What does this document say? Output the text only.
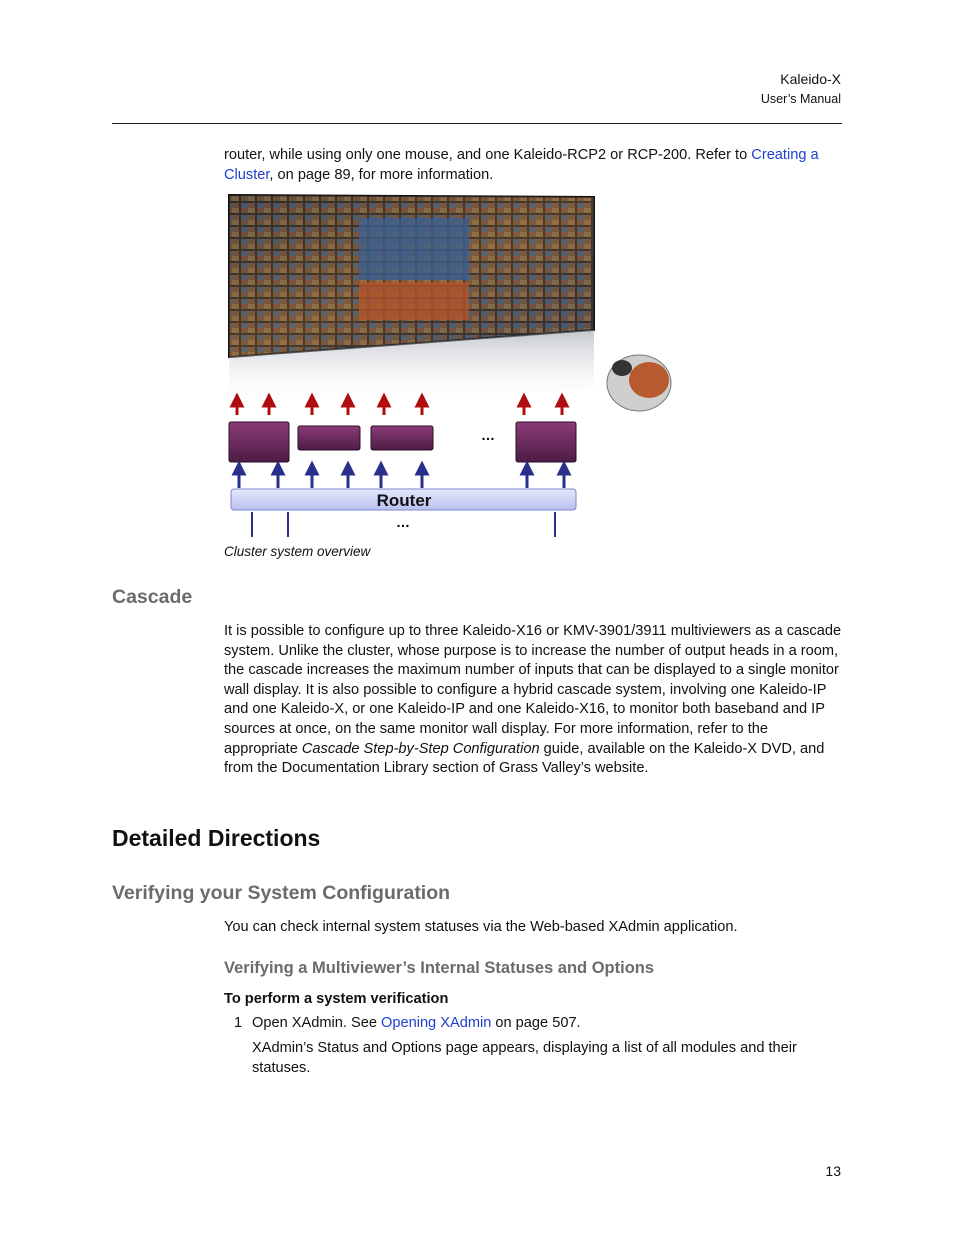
Kaleido-X
User’s Manual
router, while using only one mouse, and one Kaleido-RCP2 or RCP-200. Refer to Creating a Cluster, on page 89, for more information.
…
Router
…
Cluster system overview
Cascade
It is possible to configure up to three Kaleido-X16 or KMV-3901/3911 multiviewers as a cascade system. Unlike the cluster, whose purpose is to increase the number of output heads in a room, the cascade increases the maximum number of inputs that can be displayed to a single monitor wall display. It is also possible to configure a hybrid cascade system, involving one Kaleido-IP and one Kaleido-X, or one Kaleido-IP and one Kaleido-X16, to monitor both baseband and IP sources at once, on the same monitor wall display. For more information, refer to the appropriate Cascade Step-by-Step Configuration guide, available on the Kaleido-X DVD, and from the Documentation Library section of Grass Valley’s website.
Detailed Directions
Verifying your System Configuration
You can check internal system statuses via the Web-based XAdmin application.
Verifying a Multiviewer’s Internal Statuses and Options
To perform a system verification
1 Open XAdmin. See Opening XAdmin on page 507.
XAdmin’s Status and Options page appears, displaying a list of all modules and their statuses.
13
